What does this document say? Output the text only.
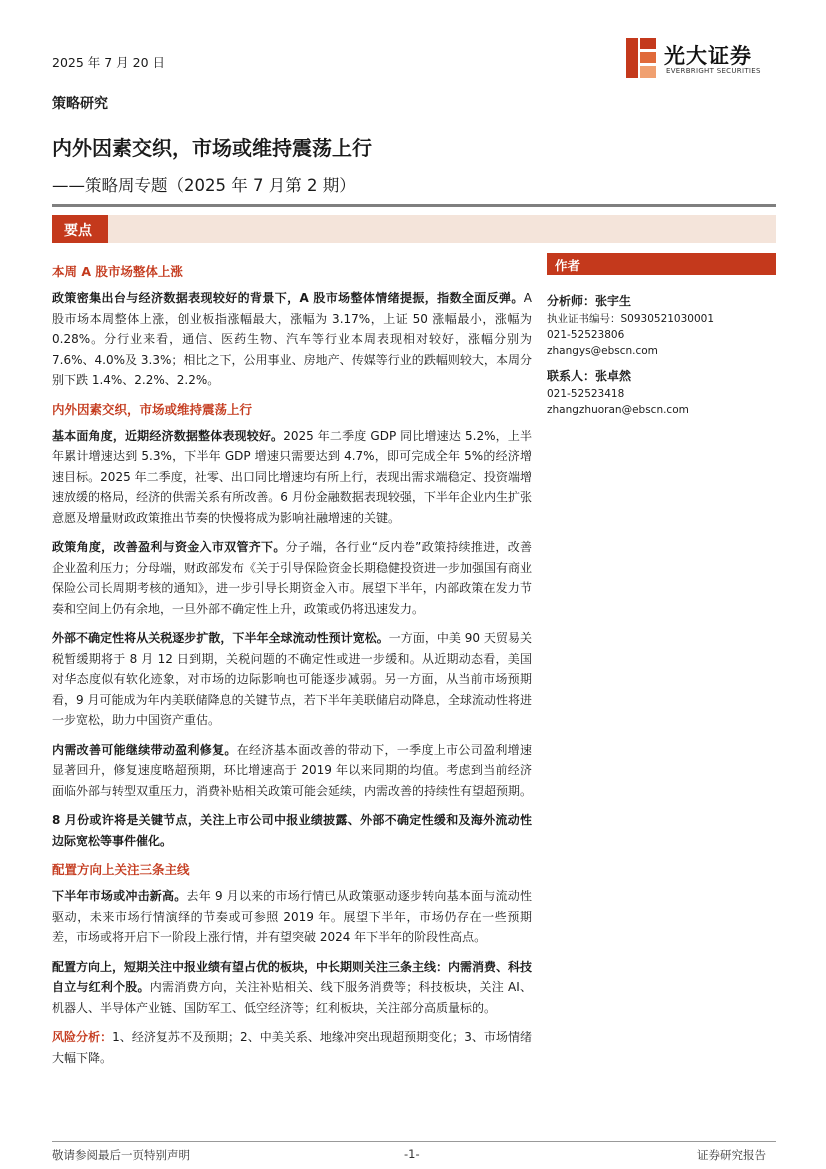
2025 年 7 月 20 日	光大证券
EVERBRIGHT SECURITIES
策略研究
内外因素交织，市场或维持震荡上行
——策略周专题（2025 年 7 月第 2 期）
要点
本周 A 股市场整体上涨

政策密集出台与经济数据表现较好的背景下，A 股市场整体情绪提振，指数全面反弹。A 股市场本周整体上涨，创业板指涨幅最大，涨幅为 3.17%，上证 50 涨幅最小，涨幅为 0.28%。分行业来看，通信、医药生物、汽车等行业本周表现相对较好，涨幅分别为 7.6%、4.0%及 3.3%；相比之下，公用事业、房地产、传媒等行业的跌幅则较大，本周分别下跌 1.4%、2.2%、2.2%。

内外因素交织，市场或维持震荡上行

基本面角度，近期经济数据整体表现较好。2025 年二季度 GDP 同比增速达 5.2%，上半年累计增速达到 5.3%，下半年 GDP 增速只需要达到 4.7%，即可完成全年 5%的经济增速目标。2025 年二季度，社零、出口同比增速均有所上行，表现出需求端稳定、投资端增速放缓的格局，经济的供需关系有所改善。6 月份金融数据表现较强，下半年企业内生扩张意愿及增量财政政策推出节奏的快慢将成为影响社融增速的关键。

政策角度，改善盈利与资金入市双管齐下。分子端，各行业“反内卷”政策持续推进，改善企业盈利压力；分母端，财政部发布《关于引导保险资金长期稳健投资进一步加强国有商业保险公司长周期考核的通知》，进一步引导长期资金入市。展望下半年，内部政策在发力节奏和空间上仍有余地，一旦外部不确定性上升，政策或仍将迅速发力。

外部不确定性将从关税逐步扩散，下半年全球流动性预计宽松。一方面，中美 90 天贸易关税暂缓期将于 8 月 12 日到期，关税问题的不确定性或进一步缓和。从近期动态看，美国对华态度似有软化迹象，对市场的边际影响也可能逐步减弱。另一方面，从当前市场预期看，9 月可能成为年内美联储降息的关键节点，若下半年美联储启动降息，全球流动性将进一步宽松，助力中国资产重估。

内需改善可能继续带动盈利修复。在经济基本面改善的带动下，一季度上市公司盈利增速显著回升，修复速度略超预期，环比增速高于 2019 年以来同期的均值。考虑到当前经济面临外部与转型双重压力，消费补贴相关政策可能会延续，内需改善的持续性有望超预期。

8 月份或许将是关键节点，关注上市公司中报业绩披露、外部不确定性缓和及海外流动性边际宽松等事件催化。

配置方向上关注三条主线

下半年市场或冲击新高。去年 9 月以来的市场行情已从政策驱动逐步转向基本面与流动性驱动，未来市场行情演绎的节奏或可参照 2019 年。展望下半年，市场仍存在一些预期差，市场或将开启下一阶段上涨行情，并有望突破 2024 年下半年的阶段性高点。

配置方向上，短期关注中报业绩有望占优的板块，中长期则关注三条主线：内需消费、科技自立与红利个股。内需消费方向，关注补贴相关、线下服务消费等；科技板块，关注 AI、机器人、半导体产业链、国防军工、低空经济等；红利板块，关注部分高质量标的。

风险分析：1、经济复苏不及预期；2、中美关系、地缘冲突出现超预期变化；3、市场情绪大幅下降。

作者
分析师：张宇生
执业证书编号：S0930521030001
021-52523806
zhangys@ebscn.com
联系人：张卓然
021-52523418
zhangzhuoran@ebscn.com
敬请参阅最后一页特别声明	-1-	证券研究报告
